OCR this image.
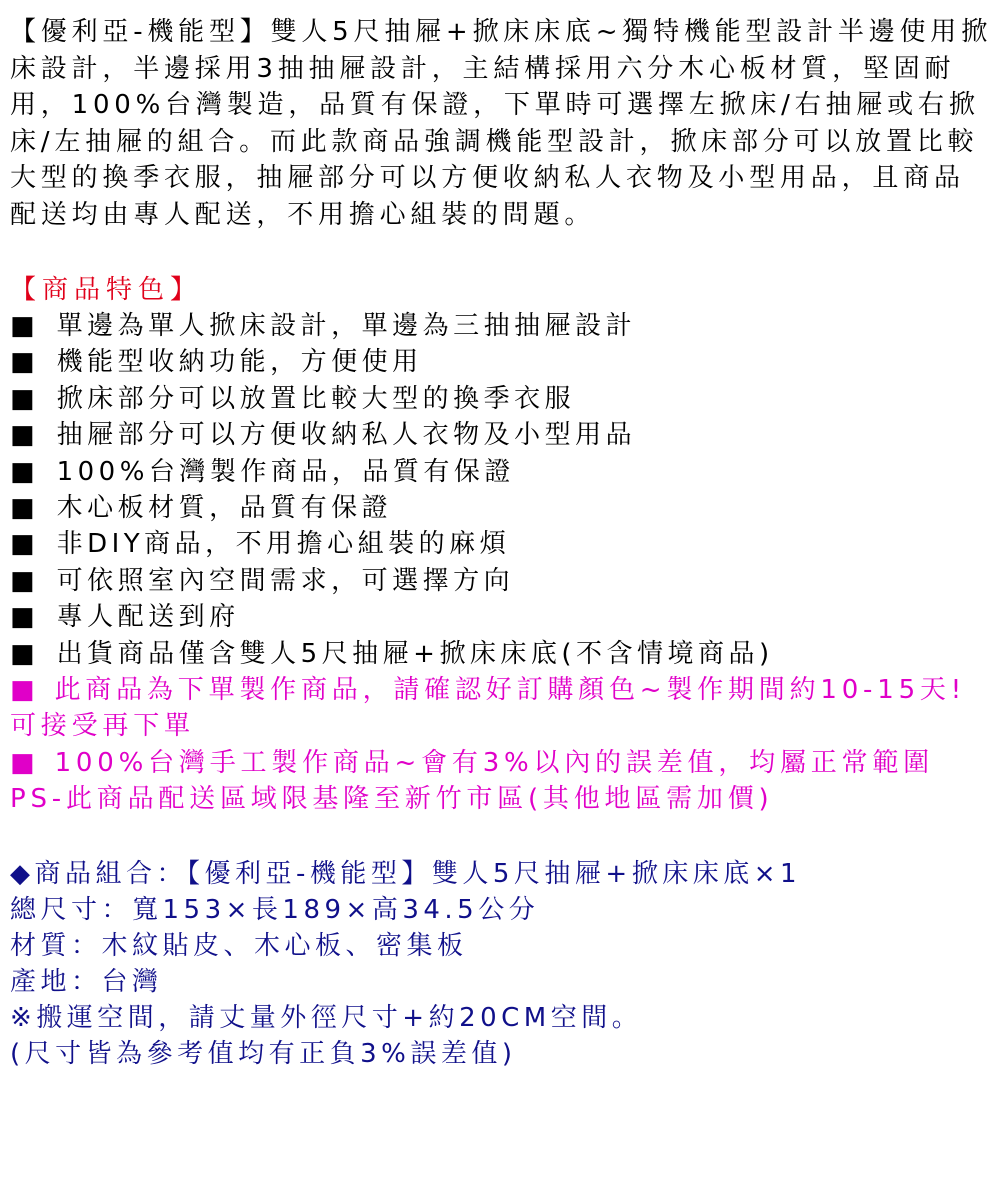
【優利亞-機能型】雙人5尺抽屜+掀床床底~獨特機能型設計半邊使用掀床設計，半邊採用3抽抽屜設計，主結構採用六分木心板材質，堅固耐用，100%台灣製造，品質有保證，下單時可選擇左掀床/右抽屜或右掀床/左抽屜的組合。而此款商品強調機能型設計，掀床部分可以放置比較大型的換季衣服，抽屜部分可以方便收納私人衣物及小型用品，且商品配送均由專人配送，不用擔心組裝的問題。

【商品特色】
■ 單邊為單人掀床設計，單邊為三抽抽屜設計
■ 機能型收納功能，方便使用
■ 掀床部分可以放置比較大型的換季衣服
■ 抽屜部分可以方便收納私人衣物及小型用品
■ 100%台灣製作商品，品質有保證
■ 木心板材質，品質有保證
■ 非DIY商品，不用擔心組裝的麻煩
■ 可依照室內空間需求，可選擇方向
■ 專人配送到府
■ 出貨商品僅含雙人5尺抽屜+掀床床底(不含情境商品)

■ 此商品為下單製作商品，請確認好訂購顏色~製作期間約10-15天!可接受再下單

■ 100%台灣手工製作商品~會有3%以內的誤差值，均屬正常範圍

PS-此商品配送區域限基隆至新竹市區(其他地區需加價)

◆商品組合：【優利亞-機能型】雙人5尺抽屜+掀床床底×1
總尺寸：寬153×長189×高34.5公分
材質：木紋貼皮、木心板、密集板
產地：台灣
※搬運空間，請丈量外徑尺寸+約20CM空間。
(尺寸皆為參考值均有正負3%誤差值)
